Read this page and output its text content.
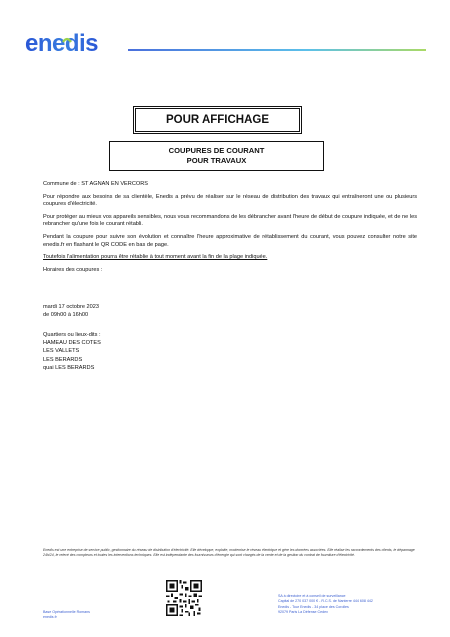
enedis
POUR AFFICHAGE
COUPURES DE COURANT
POUR TRAVAUX

Commune de : ST AGNAN EN VERCORS

Pour répondre aux besoins de sa clientèle, Enedis a prévu de réaliser sur le réseau de distribution des travaux qui entraîneront une ou plusieurs coupures d'électricité.

Pour protéger au mieux vos appareils sensibles, nous vous recommandons de les débrancher avant l'heure de début de coupure indiquée, et de ne les rebrancher qu'une fois le courant rétabli.

Pendant la coupure pour suivre son évolution et connaître l'heure approximative de rétablissement du courant, vous pouvez consulter notre site enedis.fr en flashant le QR CODE en bas de page.

Toutefois l'alimentation pourra être rétablie à tout moment avant la fin de la plage indiquée.

Horaires des coupures :

mardi 17 octobre 2023
de 09h00 à 16h00
Quartiers ou lieux-dits :
HAMEAU DES COTES
LES VALLETS
LES BERARDS
quai LES BERARDS
Enedis est une entreprise de service public, gestionnaire du réseau de distribution d'électricité. Elle développe, exploite, modernise le réseau électrique et gère les données associées. Elle réalise les raccordements des clients, le dépannage 24h/24, le relevé des compteurs et toutes les interventions techniques. Elle est indépendante des fournisseurs d'énergie qui sont chargés de la vente et de la gestion du contrat de fourniture d'électricité.
Base Opérationnelle Romans
enedis.fr
SA à directoire et à conseil de surveillance
Capital de 270 037 000 € - R.C.S. de Nanterre 444 608 442
Enedis - Tour Enedis - 34 place des Corolles
92079 Paris La Défense Cedex
